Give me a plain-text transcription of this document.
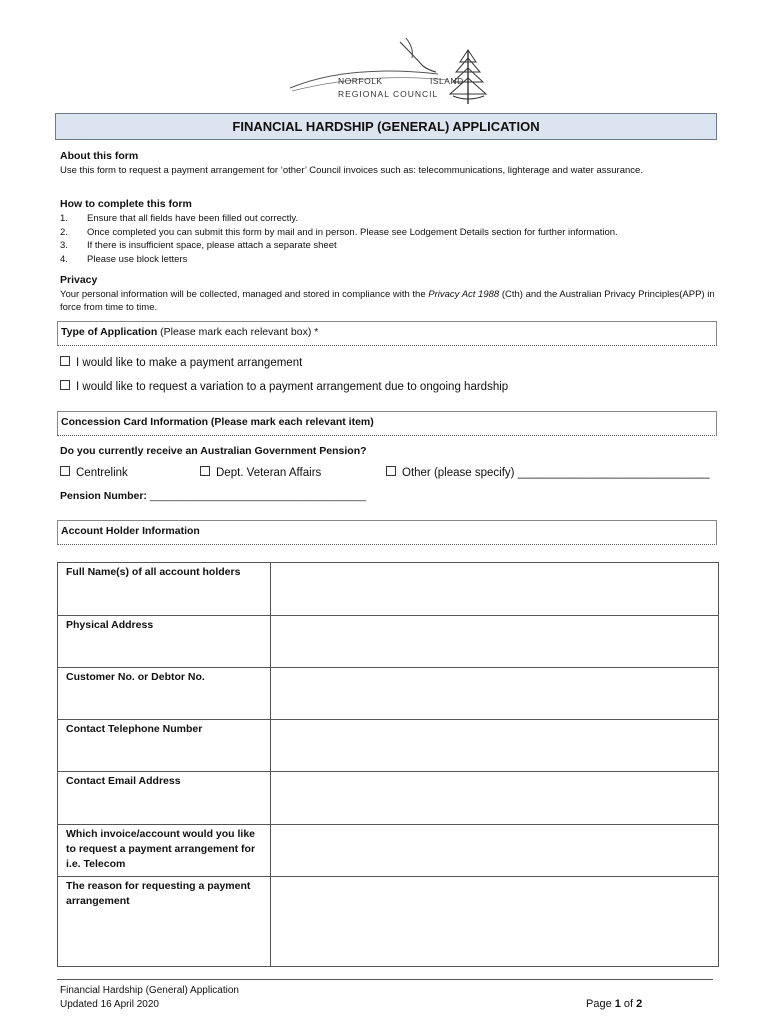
NORFOLK	ISLAND
REGIONAL COUNCIL
FINANCIAL HARDSHIP (GENERAL) APPLICATION
About this form
Use this form to request a payment arrangement for ‘other’ Council invoices such as: telecommunications, lighterage and water assurance.
How to complete this form
1. Ensure that all fields have been filled out correctly.
2. Once completed you can submit this form by mail and in person. Please see Lodgement Details section for further information.
3. If there is insufficient space, please attach a separate sheet
4. Please use block letters
Privacy
Your personal information will be collected, managed and stored in compliance with the Privacy Act 1988 (Cth) and the Australian Privacy Principles(APP) in force from time to time.
Type of Application (Please mark each relevant box) *
I would like to make a payment arrangement
I would like to request a variation to a payment arrangement due to ongoing hardship
Concession Card Information (Please mark each relevant item)
Do you currently receive an Australian Government Pension?
Centrelink	Dept. Veteran Affairs	Other (please specify) ______________________________
Pension Number: _____________________________________
Account Holder Information
Full Name(s) of all account holders	
Physical Address	
Customer No. or Debtor No.	
Contact Telephone Number	
Contact Email Address	
Which invoice/account would you like to request a payment arrangement for i.e. Telecom	
The reason for requesting a payment arrangement	
Financial Hardship (General) Application
Updated 16 April 2020	Page 1 of 2
